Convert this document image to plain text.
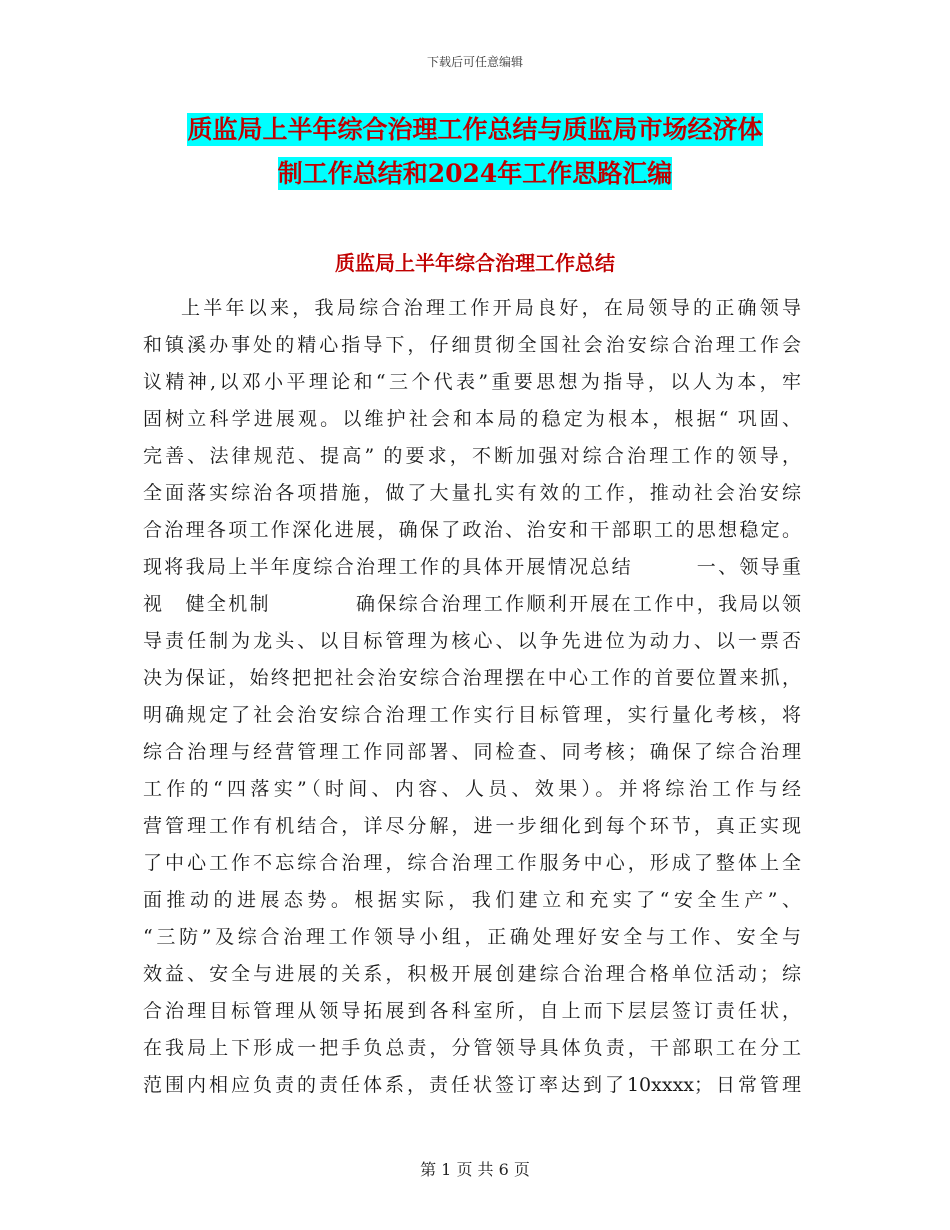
下载后可任意编辑
质监局上半年综合治理工作总结与质监局市场经济体
制工作总结和2024年工作思路汇编
质监局上半年综合治理工作总结
上半年以来，我局综合治理工作开局良好，在局领导的正确领导
和镇溪办事处的精心指导下，仔细贯彻全国社会治安综合治理工作会
议精神,以邓小平理论和“三个代表”重要思想为指导，以人为本，牢
固树立科学进展观。以维护社会和本局的稳定为根本，根据“ 巩固、
完善、法律规范、提高” 的要求，不断加强对综合治理工作的领导，
全面落实综治各项措施，做了大量扎实有效的工作，推动社会治安综
合治理各项工作深化进展，确保了政治、治安和干部职工的思想稳定。
现将我局上半年度综合治理工作的具体开展情况总结　　　一、领导重
视　健全机制　　　　确保综合治理工作顺利开展在工作中，我局以领
导责任制为龙头、以目标管理为核心、以争先进位为动力、以一票否
决为保证，始终把把社会治安综合治理摆在中心工作的首要位置来抓，
明确规定了社会治安综合治理工作实行目标管理，实行量化考核，将
综合治理与经营管理工作同部署、同检查、同考核；确保了综合治理
工作的“四落实”（时间、内容、人员、效果）。并将综治工作与经
营管理工作有机结合，详尽分解，进一步细化到每个环节，真正实现
了中心工作不忘综合治理，综合治理工作服务中心，形成了整体上全
面推动的进展态势。根据实际，我们建立和充实了“安全生产”、
“三防”及综合治理工作领导小组，正确处理好安全与工作、安全与
效益、安全与进展的关系，积极开展创建综合治理合格单位活动；综
合治理目标管理从领导拓展到各科室所，自上而下层层签订责任状，
在我局上下形成一把手负总责，分管领导具体负责，干部职工在分工
范围内相应负责的责任体系，责任状签订率达到了10xxxx；日常管理
第 1 页 共 6 页
